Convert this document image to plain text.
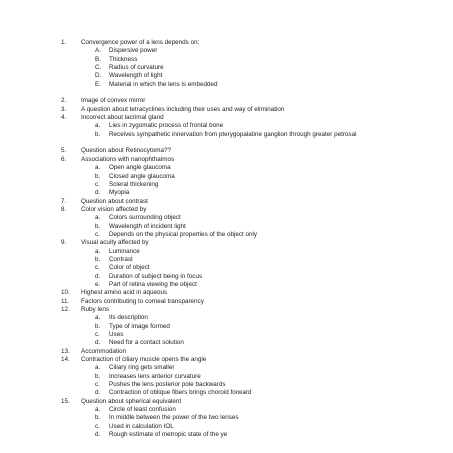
1. Convergence power of a lens depends on:
A. Dispersive power
B. Thickness
C. Radius of curvature
D. Wavelength of light
E. Material in which the lens is embedded
2. Image of convex mirror
3. A question about tetracyclines including their uses and way of elimination
4. Incorrect about lacrimal gland
a. Lies in zygomatic process of frontal bone
b. Receives sympathetic innervation from pterygopalatine ganglion through greater petrosal
5. Question about Retinocytoma??
6. Associations with nanophthalmos
a. Open angle glaucoma
b. Closed angle glaucoma
c. Scleral thickening
d. Myopia
7. Question about contrast
8. Color vision affected by
a. Colors surrounding object
b. Wavelength of incident light
c. Depends on the physical properties of the object only
9. Visual acuity affected by
a. Luminance
b. Contrast
c. Color of object
d. Duration of subject being in focus
e. Part of retina viewing the object
10. Highest amino acid in aqueous
11. Factors contributing to corneal transparency
12. Ruby lens
a. Its description
b. Type of image formed
c. Uses
d. Need for a contact solution
13. Accommodation
14. Contraction of ciliary muscle opens the angle
a. Ciliary ring gets smaller
b. Increases lens anterior curvature
c. Pushes the lens posterior pole backwards
d. Contraction of oblique fibers brings choroid forward
15. Question about spherical equivalent
a. Circle of least confusion
b. In middle between the power of the two lenses
c. Used in calculation IOL
d. Rough estimate of metropic state of the ye
